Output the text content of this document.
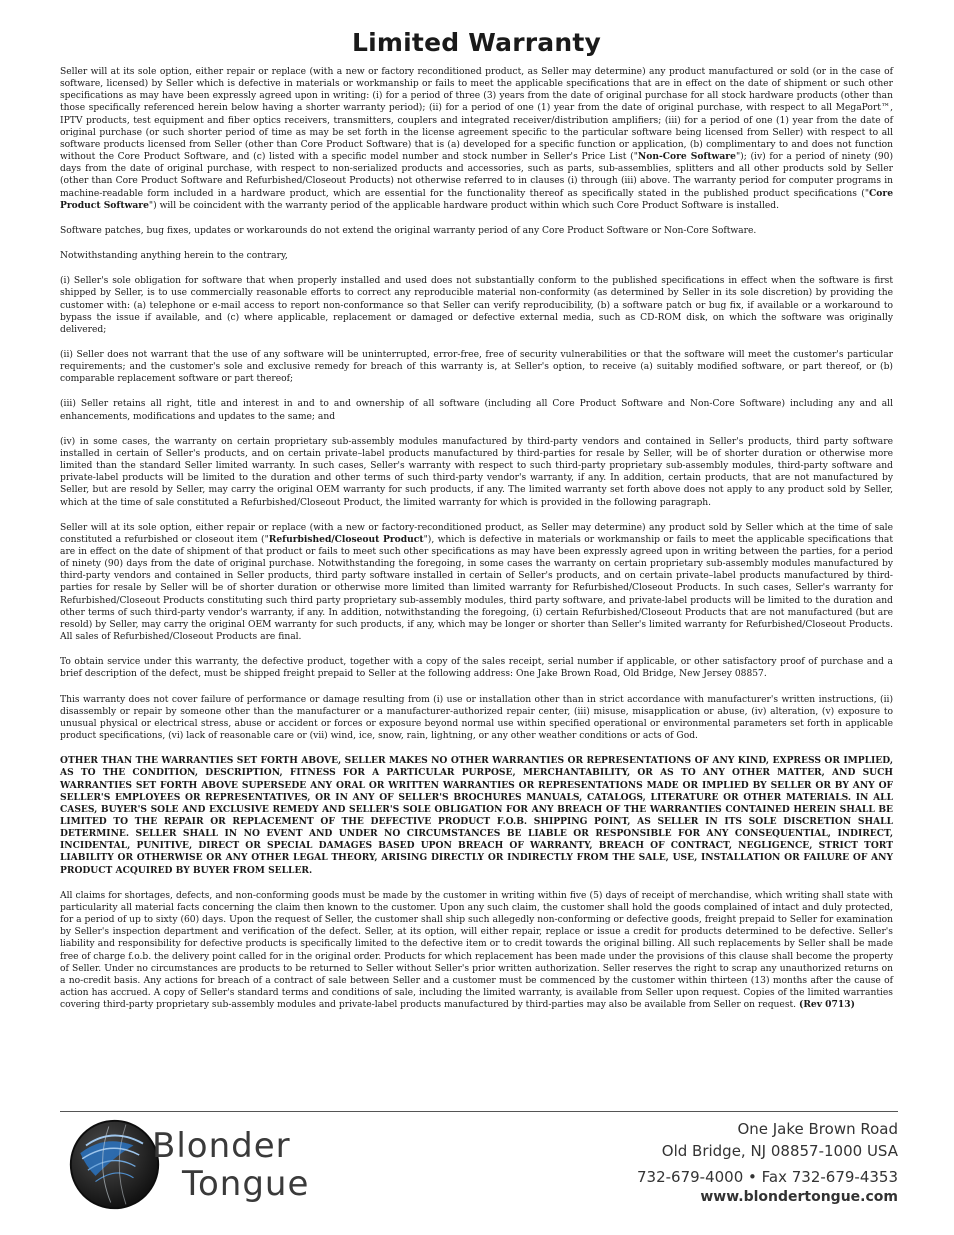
Limited Warranty

Seller will at its sole option, either repair or replace (with a new or factory reconditioned product, as Seller may determine) any product manufactured or sold (or in the case of software, licensed) by Seller which is defective in materials or workmanship or fails to meet the applicable specifications that are in effect on the date of shipment or such other specifications as may have been expressly agreed upon in writing: (i) for a period of three (3) years from the date of original purchase for all stock hardware products (other than those specifically referenced herein below having a shorter warranty period); (ii) for a period of one (1) year from the date of original purchase, with respect to all MegaPort™, IPTV products, test equipment and fiber optics receivers, transmitters, couplers and integrated receiver/distribution amplifiers; (iii) for a period of one (1) year from the date of original purchase (or such shorter period of time as may be set forth in the license agreement specific to the particular software being licensed from Seller) with respect to all software products licensed from Seller (other than Core Product Software) that is (a) developed for a specific function or application, (b) complimentary to and does not function without the Core Product Software, and (c) listed with a specific model number and stock number in Seller's Price List ("Non-Core Software"); (iv) for a period of ninety (90) days from the date of original purchase, with respect to non-serialized products and accessories, such as parts, sub-assemblies, splitters and all other products sold by Seller (other than Core Product Software and Refurbished/Closeout Products) not otherwise referred to in clauses (i) through (iii) above. The warranty period for computer programs in machine-readable form included in a hardware product, which are essential for the functionality thereof as specifically stated in the published product specifications ("Core Product Software") will be coincident with the warranty period of the applicable hardware product within which such Core Product Software is installed.

Software patches, bug fixes, updates or workarounds do not extend the original warranty period of any Core Product Software or Non-Core Software.

Notwithstanding anything herein to the contrary,

(i) Seller's sole obligation for software that when properly installed and used does not substantially conform to the published specifications in effect when the software is first shipped by Seller, is to use commercially reasonable efforts to correct any reproducible material non-conformity (as determined by Seller in its sole discretion) by providing the customer with: (a) telephone or e-mail access to report non-conformance so that Seller can verify reproducibility, (b) a software patch or bug fix, if available or a workaround to bypass the issue if available, and (c) where applicable, replacement or damaged or defective external media, such as CD-ROM disk, on which the software was originally delivered;

(ii) Seller does not warrant that the use of any software will be uninterrupted, error-free, free of security vulnerabilities or that the software will meet the customer's particular requirements; and the customer's sole and exclusive remedy for breach of this warranty is, at Seller's option, to receive (a) suitably modified software, or part thereof, or (b) comparable replacement software or part thereof;

(iii) Seller retains all right, title and interest in and to and ownership of all software (including all Core Product Software and Non-Core Software) including any and all enhancements, modifications and updates to the same; and

(iv) in some cases, the warranty on certain proprietary sub-assembly modules manufactured by third-party vendors and contained in Seller's products, third party software installed in certain of Seller's products, and on certain private–label products manufactured by third-parties for resale by Seller, will be of shorter duration or otherwise more limited than the standard Seller limited warranty. In such cases, Seller's warranty with respect to such third-party proprietary sub-assembly modules, third-party software and private-label products will be limited to the duration and other terms of such third-party vendor's warranty, if any. In addition, certain products, that are not manufactured by Seller, but are resold by Seller, may carry the original OEM warranty for such products, if any. The limited warranty set forth above does not apply to any product sold by Seller, which at the time of sale constituted a Refurbished/Closeout Product, the limited warranty for which is provided in the following paragraph.

Seller will at its sole option, either repair or replace (with a new or factory-reconditioned product, as Seller may determine) any product sold by Seller which at the time of sale constituted a refurbished or closeout item ("Refurbished/Closeout Product"), which is defective in materials or workmanship or fails to meet the applicable specifications that are in effect on the date of shipment of that product or fails to meet such other specifications as may have been expressly agreed upon in writing between the parties, for a period of ninety (90) days from the date of original purchase. Notwithstanding the foregoing, in some cases the warranty on certain proprietary sub-assembly modules manufactured by third-party vendors and contained in Seller products, third party software installed in certain of Seller's products, and on certain private–label products manufactured by third-parties for resale by Seller will be of shorter duration or otherwise more limited than limited warranty for Refurbished/Closeout Products. In such cases, Seller's warranty for Refurbished/Closeout Products constituting such third party proprietary sub-assembly modules, third party software, and private-label products will be limited to the duration and other terms of such third-party vendor's warranty, if any. In addition, notwithstanding the foregoing, (i) certain Refurbished/Closeout Products that are not manufactured (but are resold) by Seller, may carry the original OEM warranty for such products, if any, which may be longer or shorter than Seller's limited warranty for Refurbished/Closeout Products. All sales of Refurbished/Closeout Products are final.

To obtain service under this warranty, the defective product, together with a copy of the sales receipt, serial number if applicable, or other satisfactory proof of purchase and a brief description of the defect, must be shipped freight prepaid to Seller at the following address: One Jake Brown Road, Old Bridge, New Jersey 08857.

This warranty does not cover failure of performance or damage resulting from (i) use or installation other than in strict accordance with manufacturer's written instructions, (ii) disassembly or repair by someone other than the manufacturer or a manufacturer-authorized repair center, (iii) misuse, misapplication or abuse, (iv) alteration, (v) exposure to unusual physical or electrical stress, abuse or accident or forces or exposure beyond normal use within specified operational or environmental parameters set forth in applicable product specifications, (vi) lack of reasonable care or (vii) wind, ice, snow, rain, lightning, or any other weather conditions or acts of God.

OTHER THAN THE WARRANTIES SET FORTH ABOVE, SELLER MAKES NO OTHER WARRANTIES OR REPRESENTATIONS OF ANY KIND, EXPRESS OR IMPLIED, AS TO THE CONDITION, DESCRIPTION, FITNESS FOR A PARTICULAR PURPOSE, MERCHANTABILITY, OR AS TO ANY OTHER MATTER, AND SUCH WARRANTIES SET FORTH ABOVE SUPERSEDE ANY ORAL OR WRITTEN WARRANTIES OR REPRESENTATIONS MADE OR IMPLIED BY SELLER OR BY ANY OF SELLER'S EMPLOYEES OR REPRESENTATIVES, OR IN ANY OF SELLER'S BROCHURES MANUALS, CATALOGS, LITERATURE OR OTHER MATERIALS. IN ALL CASES, BUYER'S SOLE AND EXCLUSIVE REMEDY AND SELLER'S SOLE OBLIGATION FOR ANY BREACH OF THE WARRANTIES CONTAINED HEREIN SHALL BE LIMITED TO THE REPAIR OR REPLACEMENT OF THE DEFECTIVE PRODUCT F.O.B. SHIPPING POINT, AS SELLER IN ITS SOLE DISCRETION SHALL DETERMINE. SELLER SHALL IN NO EVENT AND UNDER NO CIRCUMSTANCES BE LIABLE OR RESPONSIBLE FOR ANY CONSEQUENTIAL, INDIRECT, INCIDENTAL, PUNITIVE, DIRECT OR SPECIAL DAMAGES BASED UPON BREACH OF WARRANTY, BREACH OF CONTRACT, NEGLIGENCE, STRICT TORT LIABILITY OR OTHERWISE OR ANY OTHER LEGAL THEORY, ARISING DIRECTLY OR INDIRECTLY FROM THE SALE, USE, INSTALLATION OR FAILURE OF ANY PRODUCT ACQUIRED BY BUYER FROM SELLER.

All claims for shortages, defects, and non-conforming goods must be made by the customer in writing within five (5) days of receipt of merchandise, which writing shall state with particularity all material facts concerning the claim then known to the customer. Upon any such claim, the customer shall hold the goods complained of intact and duly protected, for a period of up to sixty (60) days. Upon the request of Seller, the customer shall ship such allegedly non-conforming or defective goods, freight prepaid to Seller for examination by Seller's inspection department and verification of the defect. Seller, at its option, will either repair, replace or issue a credit for products determined to be defective. Seller's liability and responsibility for defective products is specifically limited to the defective item or to credit towards the original billing. All such replacements by Seller shall be made free of charge f.o.b. the delivery point called for in the original order. Products for which replacement has been made under the provisions of this clause shall become the property of Seller. Under no circumstances are products to be returned to Seller without Seller's prior written authorization. Seller reserves the right to scrap any unauthorized returns on a no-credit basis. Any actions for breach of a contract of sale between Seller and a customer must be commenced by the customer within thirteen (13) months after the cause of action has accrued. A copy of Seller's standard terms and conditions of sale, including the limited warranty, is available from Seller upon request. Copies of the limited warranties covering third-party proprietary sub-assembly modules and private-label products manufactured by third-parties may also be available from Seller on request. (Rev 0713)

Blonder
Tongue
One Jake Brown Road
Old Bridge, NJ 08857-1000 USA
732-679-4000 • Fax 732-679-4353
www.blondertongue.com
